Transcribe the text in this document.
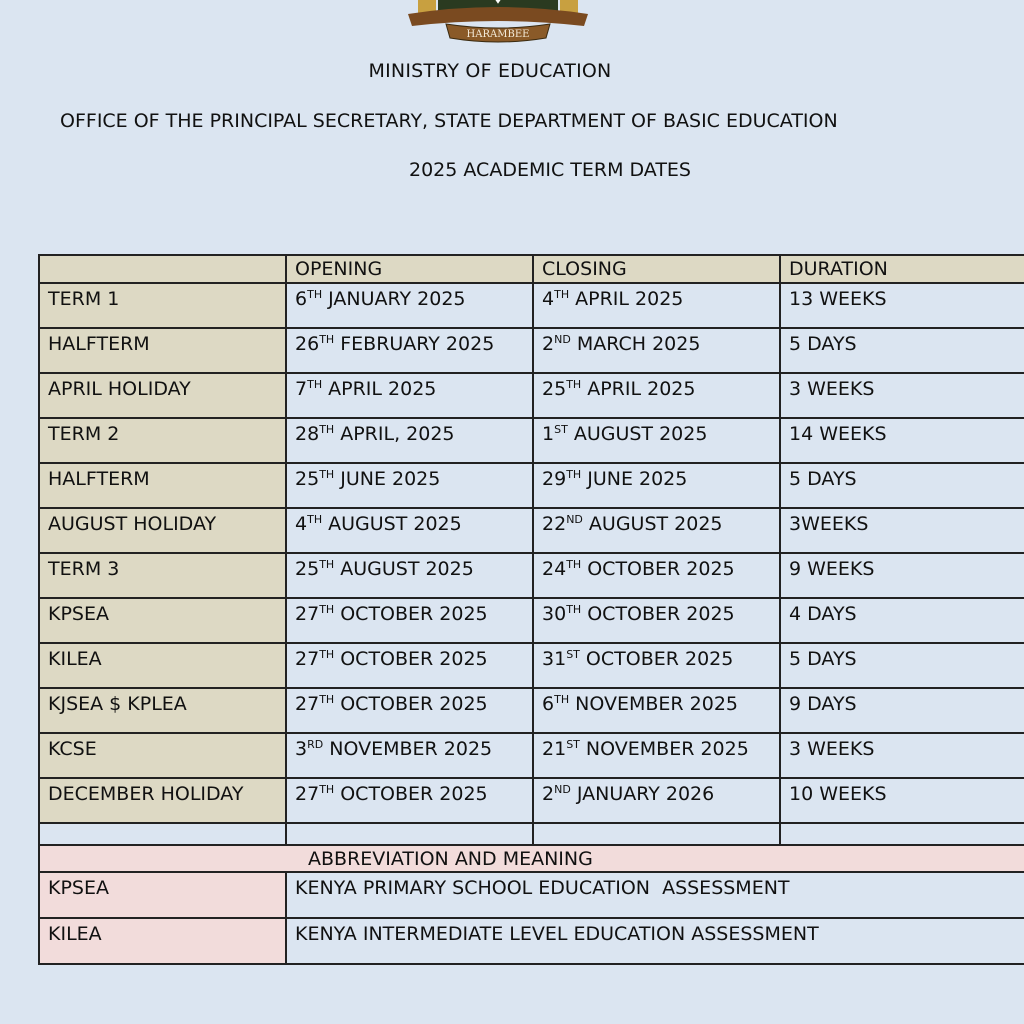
HARAMBEE
MINISTRY OF EDUCATION
OFFICE OF THE PRINCIPAL SECRETARY, STATE DEPARTMENT OF BASIC EDUCATION
2025 ACADEMIC TERM DATES
	OPENING	CLOSING	DURATION
TERM 1	6TH JANUARY 2025	4TH APRIL 2025	13 WEEKS
HALFTERM	26TH FEBRUARY 2025	2ND MARCH 2025	5 DAYS
APRIL HOLIDAY	7TH APRIL 2025	25TH APRIL 2025	3 WEEKS
TERM 2	28TH APRIL, 2025	1ST AUGUST 2025	14 WEEKS
HALFTERM	25TH JUNE 2025	29TH JUNE 2025	5 DAYS
AUGUST HOLIDAY	4TH AUGUST 2025	22ND AUGUST 2025	3WEEKS
TERM 3	25TH AUGUST 2025	24TH OCTOBER 2025	9 WEEKS
KPSEA	27TH OCTOBER 2025	30TH OCTOBER 2025	4 DAYS
KILEA	27TH OCTOBER 2025	31ST OCTOBER 2025	5 DAYS
KJSEA $ KPLEA	27TH OCTOBER 2025	6TH NOVEMBER 2025	9 DAYS
KCSE	3RD NOVEMBER 2025	21ST NOVEMBER 2025	3 WEEKS
DECEMBER HOLIDAY	27TH OCTOBER 2025	2ND JANUARY 2026	10 WEEKS

ABBREVIATION AND MEANING	
KPSEA	KENYA PRIMARY SCHOOL EDUCATION  ASSESSMENT
KILEA	KENYA INTERMEDIATE LEVEL EDUCATION ASSESSMENT
